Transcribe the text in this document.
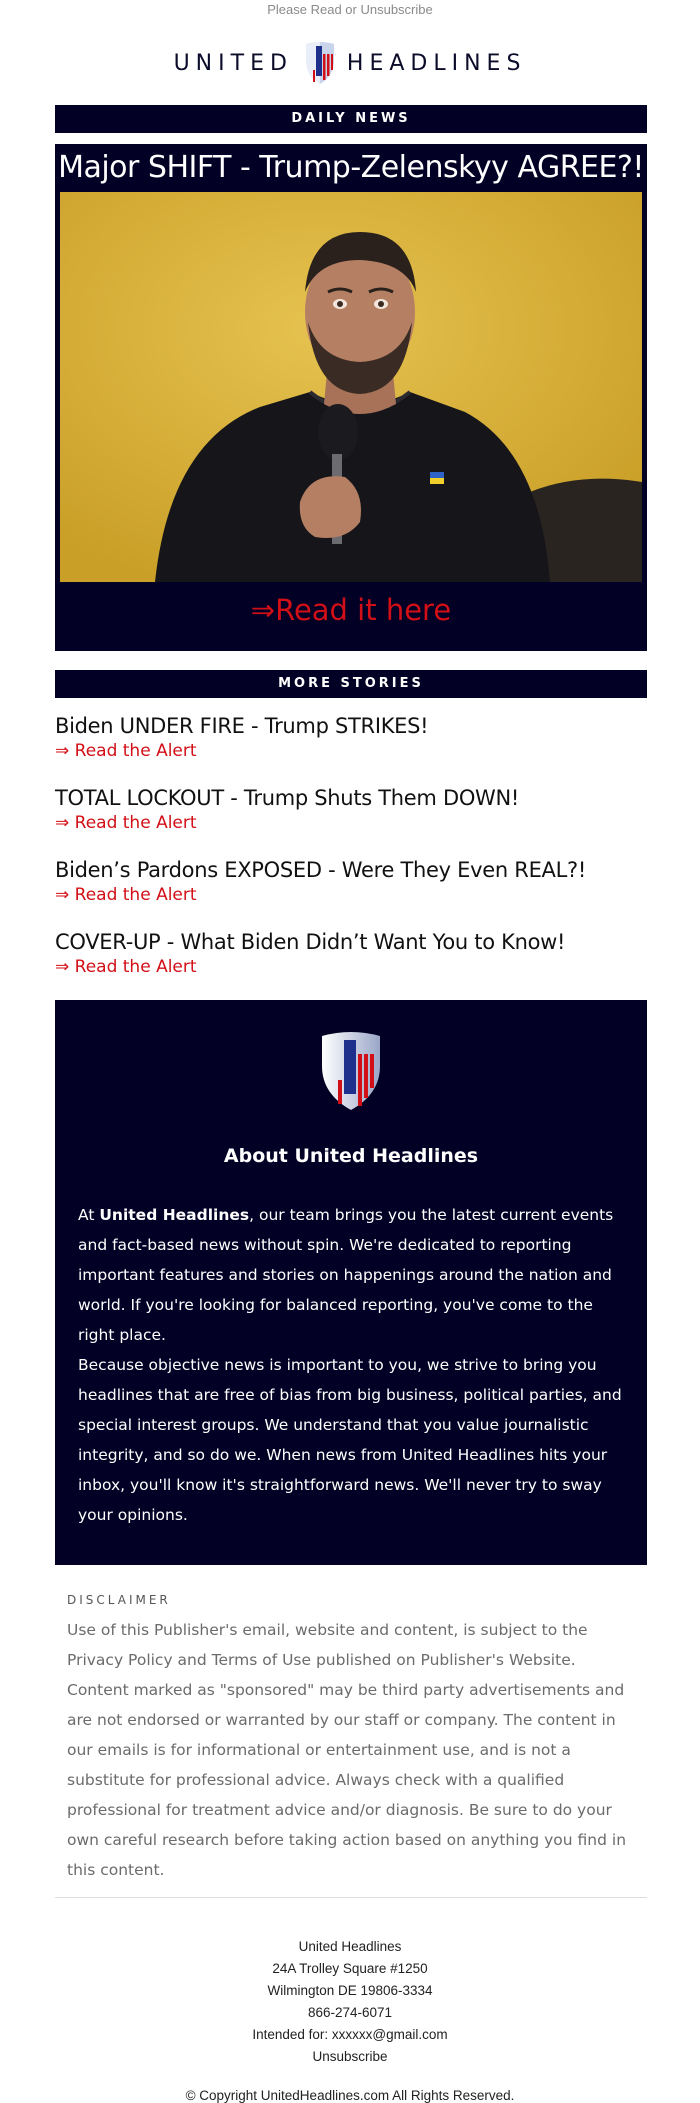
Please Read or Unsubscribe
UNITED HEADLINES
DAILY NEWS
Major SHIFT - Trump-Zelenskyy AGREE?!
⇒Read it here
MORE STORIES
Biden UNDER FIRE - Trump STRIKES!
⇒ Read the Alert
TOTAL LOCKOUT - Trump Shuts Them DOWN!
⇒ Read the Alert
Biden’s Pardons EXPOSED - Were They Even REAL?!
⇒ Read the Alert
COVER-UP - What Biden Didn’t Want You to Know!
⇒ Read the Alert
About United Headlines
At United Headlines, our team brings you the latest current events and fact-based news without spin. We're dedicated to reporting important features and stories on happenings around the nation and world. If you're looking for balanced reporting, you've come to the right place.
Because objective news is important to you, we strive to bring you headlines that are free of bias from big business, political parties, and special interest groups. We understand that you value journalistic integrity, and so do we. When news from United Headlines hits your inbox, you'll know it's straightforward news. We'll never try to sway your opinions.
DISCLAIMER
Use of this Publisher's email, website and content, is subject to the Privacy Policy and Terms of Use published on Publisher's Website. Content marked as "sponsored" may be third party advertisements and are not endorsed or warranted by our staff or company. The content in our emails is for informational or entertainment use, and is not a substitute for professional advice. Always check with a qualified professional for treatment advice and/or diagnosis. Be sure to do your own careful research before taking action based on anything you find in this content.
United Headlines
24A Trolley Square #1250
Wilmington DE 19806-3334
866-274-6071
Intended for: xxxxxx@gmail.com
Unsubscribe
© Copyright UnitedHeadlines.com All Rights Reserved.
